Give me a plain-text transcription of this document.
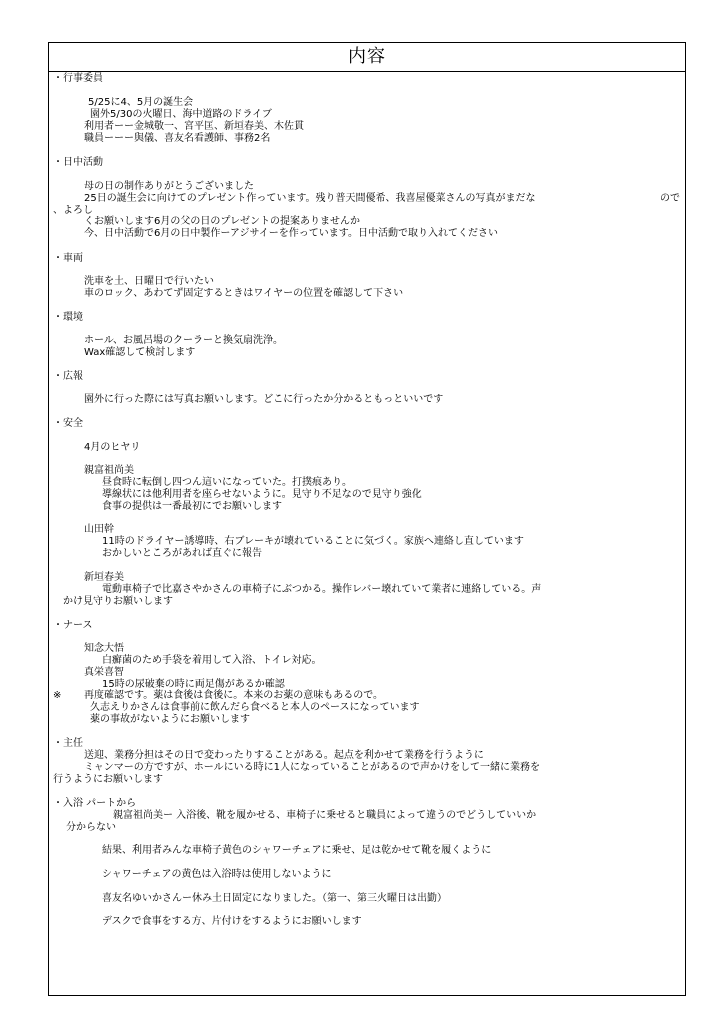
内容
・行事委員
5/25に4、5月の誕生会
園外5/30の火曜日、海中道路のドライブ
利用者ーー金城敬一、宮平匡、新垣春美、木佐貫
職員ーーー與儀、喜友名看護師、事務2名
・日中活動
母の日の制作ありがとうございました
25日の誕生会に向けてのプレゼント作っています。残り普天間優希、我喜屋優菜さんの写真がまだな	ので
、よろし
くお願いします6月の父の日のプレゼントの提案ありませんか
今、日中活動で6月の日中製作ーアジサイーを作っています。日中活動で取り入れてください
・車両
洗車を土、日曜日で行いたい
車のロック、あわてず固定するときはワイヤーの位置を確認して下さい
・環境
ホール、お風呂場のクーラーと換気扇洗浄。
Wax確認して検討します
・広報
園外に行った際には写真お願いします。どこに行ったか分かるともっといいです
・安全
4月のヒヤリ
親富祖尚美
昼食時に転倒し四つん這いになっていた。打撲痕あり。
導線状には他利用者を座らせないように。見守り不足なので見守り強化
食事の提供は一番最初にでお願いします
山田幹
11時のドライヤー誘導時、右ブレーキが壊れていることに気づく。家族へ連絡し直しています
おかしいところがあれば直ぐに報告
新垣春美
電動車椅子で比嘉さやかさんの車椅子にぶつかる。操作レバー壊れていて業者に連絡している。声
かけ見守りお願いします
・ナース
知念大悟
白癬菌のため手袋を着用して入浴、トイレ対応。
真栄喜智
15時の尿破棄の時に両足傷があるか確認
※ 再度確認です。薬は食後は食後に。本来のお薬の意味もあるので。
久志えりかさんは食事前に飲んだら食べると本人のペースになっています
薬の事故がないようにお願いします
・主任
送迎、業務分担はその日で変わったりすることがある。起点を利かせて業務を行うように
ミャンマーの方ですが、ホールにいる時に1人になっていることがあるので声かけをして一緒に業務を
行うようにお願いします
・入浴 パートから
親富祖尚美ー 入浴後、靴を履かせる、車椅子に乗せると職員によって違うのでどうしていいか
分からない
結果、利用者みんな車椅子黄色のシャワーチェアに乗せ、足は乾かせて靴を履くように
シャワーチェアの黄色は入浴時は使用しないように
喜友名ゆいかさんー休み土日固定になりました。（第一、第三火曜日は出勤）
デスクで食事をする方、片付けをするようにお願いします
